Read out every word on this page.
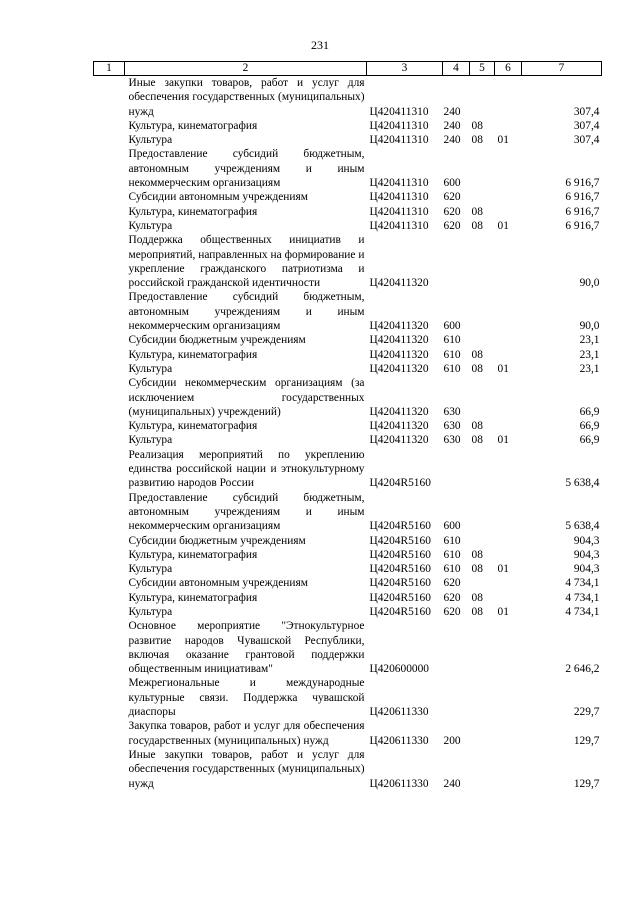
231
1	2	3	4	5	6	7
	Иные закупки товаров, работ и услуг для обеспечения государственных (муниципальных) нужд	Ц420411310	240			307,4
	Культура, кинематография	Ц420411310	240	08		307,4
	Культура	Ц420411310	240	08	01	307,4
	Предоставление субсидий бюджетным, автономным учреждениям и иным некоммерческим организациям	Ц420411310	600			6 916,7
	Субсидии автономным учреждениям	Ц420411310	620			6 916,7
	Культура, кинематография	Ц420411310	620	08		6 916,7
	Культура	Ц420411310	620	08	01	6 916,7
	Поддержка общественных инициатив и мероприятий, направленных на формирование и укрепление гражданского патриотизма и российской гражданской идентичности	Ц420411320				90,0
	Предоставление субсидий бюджетным, автономным учреждениям и иным некоммерческим организациям	Ц420411320	600			90,0
	Субсидии бюджетным учреждениям	Ц420411320	610			23,1
	Культура, кинематография	Ц420411320	610	08		23,1
	Культура	Ц420411320	610	08	01	23,1
	Субсидии некоммерческим организациям (за исключением государственных (муниципальных) учреждений)	Ц420411320	630			66,9
	Культура, кинематография	Ц420411320	630	08		66,9
	Культура	Ц420411320	630	08	01	66,9
	Реализация мероприятий по укреплению единства российской нации и этнокультурному развитию народов России	Ц4204R5160				5 638,4
	Предоставление субсидий бюджетным, автономным учреждениям и иным некоммерческим организациям	Ц4204R5160	600			5 638,4
	Субсидии бюджетным учреждениям	Ц4204R5160	610			904,3
	Культура, кинематография	Ц4204R5160	610	08		904,3
	Культура	Ц4204R5160	610	08	01	904,3
	Субсидии автономным учреждениям	Ц4204R5160	620			4 734,1
	Культура, кинематография	Ц4204R5160	620	08		4 734,1
	Культура	Ц4204R5160	620	08	01	4 734,1
	Основное мероприятие "Этнокультурное развитие народов Чувашской Республики, включая оказание грантовой поддержки общественным инициативам"	Ц420600000				2 646,2
	Межрегиональные и международные культурные связи. Поддержка чувашской диаспоры	Ц420611330				229,7
	Закупка товаров, работ и услуг для обеспечения государственных (муниципальных) нужд	Ц420611330	200			129,7
	Иные закупки товаров, работ и услуг для обеспечения государственных (муниципальных) нужд	Ц420611330	240			129,7
